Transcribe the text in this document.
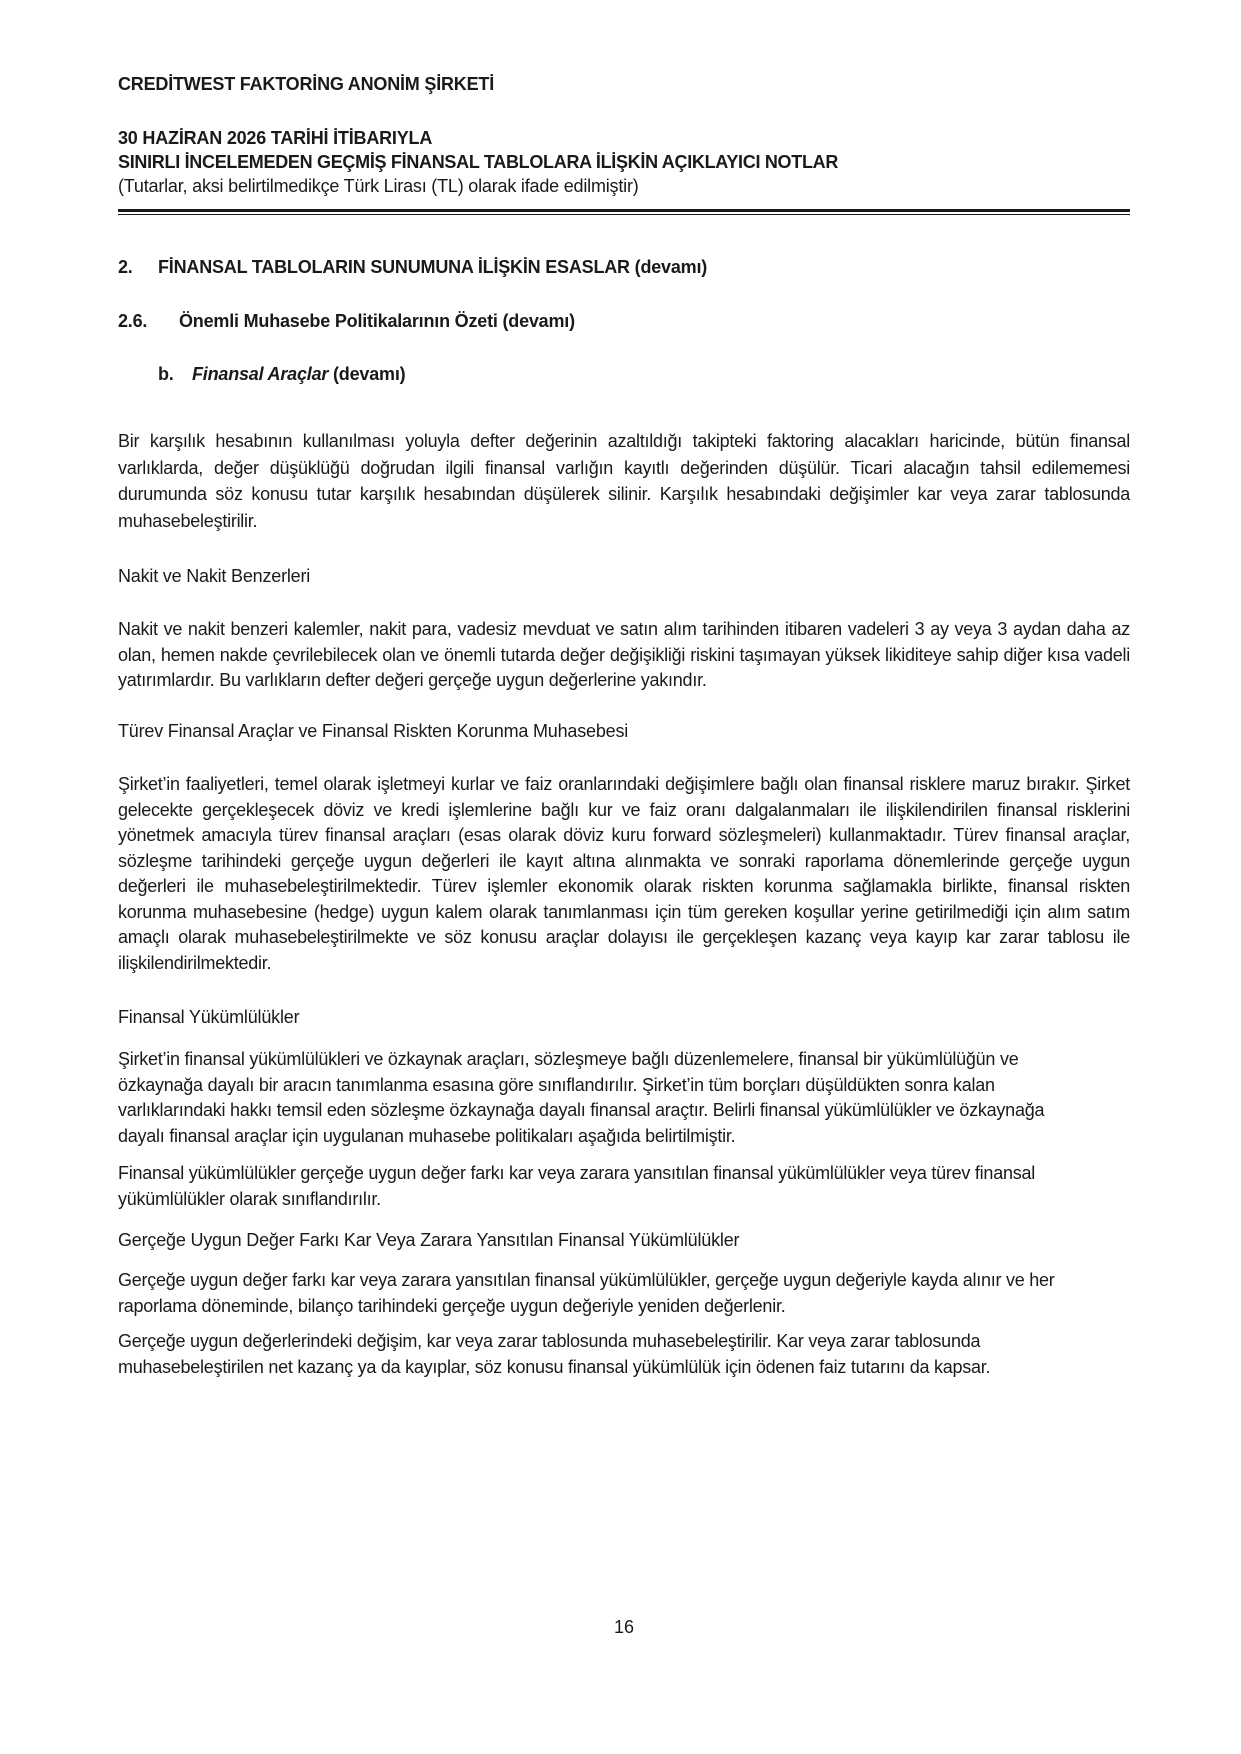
CREDİTWEST FAKTORİNG ANONİM ŞİRKETİ
30 HAZİRAN 2026 TARİHİ İTİBARIYLA
SINIRLI İNCELEMEDEN GEÇMİŞ FİNANSAL TABLOLARA İLİŞKİN AÇIKLAYICI NOTLAR
(Tutarlar, aksi belirtilmedikçe Türk Lirası (TL) olarak ifade edilmiştir)
2. FİNANSAL TABLOLARIN SUNUMUNA İLİŞKİN ESASLAR (devamı)
2.6. Önemli Muhasebe Politikalarının Özeti (devamı)
b. Finansal Araçlar (devamı)
Bir karşılık hesabının kullanılması yoluyla defter değerinin azaltıldığı takipteki faktoring alacakları haricinde, bütün finansal varlıklarda, değer düşüklüğü doğrudan ilgili finansal varlığın kayıtlı değerinden düşülür. Ticari alacağın tahsil edilememesi durumunda söz konusu tutar karşılık hesabından düşülerek silinir. Karşılık hesabındaki değişimler kar veya zarar tablosunda muhasebeleştirilir.
Nakit ve Nakit Benzerleri
Nakit ve nakit benzeri kalemler, nakit para, vadesiz mevduat ve satın alım tarihinden itibaren vadeleri 3 ay veya 3 aydan daha az olan, hemen nakde çevrilebilecek olan ve önemli tutarda değer değişikliği riskini taşımayan yüksek likiditeye sahip diğer kısa vadeli yatırımlardır. Bu varlıkların defter değeri gerçeğe uygun değerlerine yakındır.
Türev Finansal Araçlar ve Finansal Riskten Korunma Muhasebesi
Şirket’in faaliyetleri, temel olarak işletmeyi kurlar ve faiz oranlarındaki değişimlere bağlı olan finansal risklere maruz bırakır. Şirket gelecekte gerçekleşecek döviz ve kredi işlemlerine bağlı kur ve faiz oranı dalgalanmaları ile ilişkilendirilen finansal risklerini yönetmek amacıyla türev finansal araçları (esas olarak döviz kuru forward sözleşmeleri) kullanmaktadır. Türev finansal araçlar, sözleşme tarihindeki gerçeğe uygun değerleri ile kayıt altına alınmakta ve sonraki raporlama dönemlerinde gerçeğe uygun değerleri ile muhasebeleştirilmektedir. Türev işlemler ekonomik olarak riskten korunma sağlamakla birlikte, finansal riskten korunma muhasebesine (hedge) uygun kalem olarak tanımlanması için tüm gereken koşullar yerine getirilmediği için alım satım amaçlı olarak muhasebeleştirilmekte ve söz konusu araçlar dolayısı ile gerçekleşen kazanç veya kayıp kar zarar tablosu ile ilişkilendirilmektedir.
Finansal Yükümlülükler
Şirket’in finansal yükümlülükleri ve özkaynak araçları, sözleşmeye bağlı düzenlemelere, finansal bir yükümlülüğün ve özkaynağa dayalı bir aracın tanımlanma esasına göre sınıflandırılır. Şirket’in tüm borçları düşüldükten sonra kalan varlıklarındaki hakkı temsil eden sözleşme özkaynağa dayalı finansal araçtır. Belirli finansal yükümlülükler ve özkaynağa dayalı finansal araçlar için uygulanan muhasebe politikaları aşağıda belirtilmiştir.
Finansal yükümlülükler gerçeğe uygun değer farkı kar veya zarara yansıtılan finansal yükümlülükler veya türev finansal yükümlülükler olarak sınıflandırılır.
Gerçeğe Uygun Değer Farkı Kar Veya Zarara Yansıtılan Finansal Yükümlülükler
Gerçeğe uygun değer farkı kar veya zarara yansıtılan finansal yükümlülükler, gerçeğe uygun değeriyle kayda alınır ve her raporlama döneminde, bilanço tarihindeki gerçeğe uygun değeriyle yeniden değerlenir.
Gerçeğe uygun değerlerindeki değişim, kar veya zarar tablosunda muhasebeleştirilir. Kar veya zarar tablosunda muhasebeleştirilen net kazanç ya da kayıplar, söz konusu finansal yükümlülük için ödenen faiz tutarını da kapsar.
16
